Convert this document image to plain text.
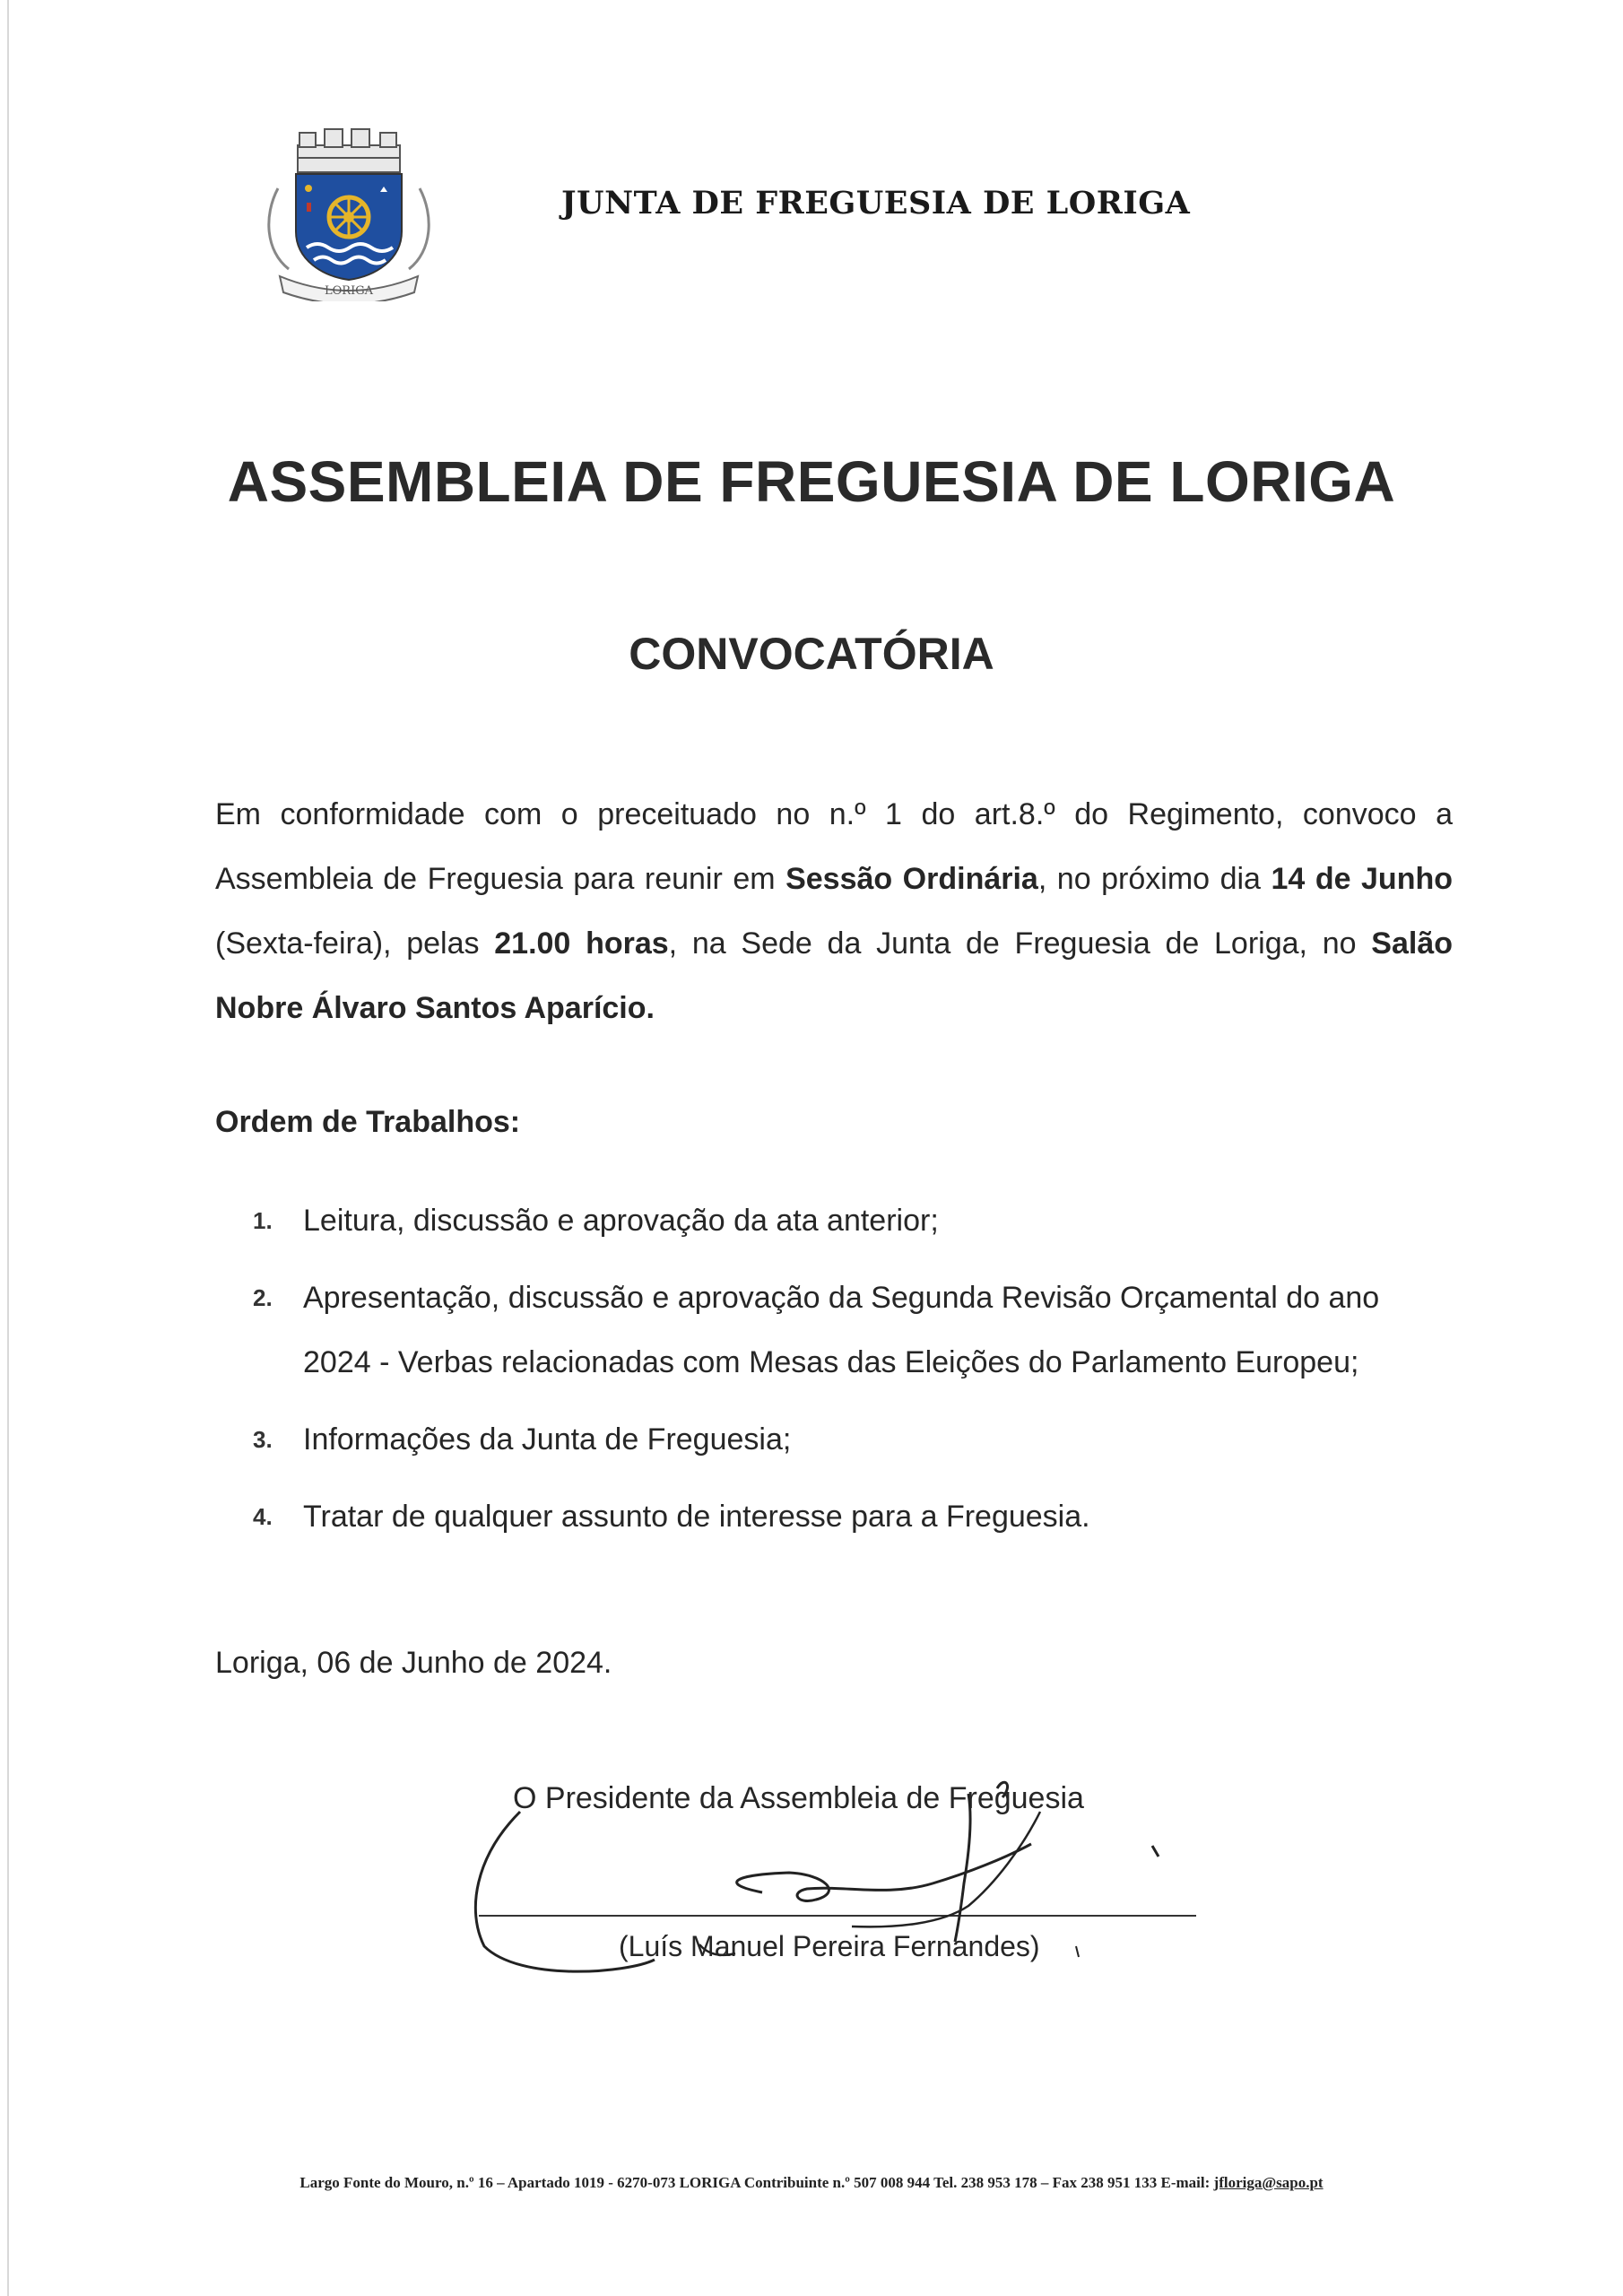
LORIGA
JUNTA DE FREGUESIA DE LORIGA
ASSEMBLEIA DE FREGUESIA DE LORIGA
CONVOCATÓRIA

Em conformidade com o preceituado no n.º 1 do art.8.º do Regimento, convoco a Assembleia de Freguesia para reunir em Sessão Ordinária, no próximo dia 14 de Junho (Sexta-feira), pelas 21.00 horas, na Sede da Junta de Freguesia de Loriga, no Salão Nobre Álvaro Santos Aparício.

Ordem de Trabalhos:
1. Leitura, discussão e aprovação da ata anterior;
2. Apresentação, discussão e aprovação da Segunda Revisão Orçamental do ano 2024 - Verbas relacionadas com Mesas das Eleições do Parlamento Europeu;
3. Informações da Junta de Freguesia;
4. Tratar de qualquer assunto de interesse para a Freguesia.
Loriga, 06 de Junho de 2024.
O Presidente da Assembleia de Freguesia
(Luís Manuel Pereira Fernandes)
Largo Fonte do Mouro, n.º 16 – Apartado 1019 - 6270-073 LORIGA Contribuinte n.º 507 008 944 Tel. 238 953 178 – Fax 238 951 133 E-mail: jfloriga@sapo.pt
